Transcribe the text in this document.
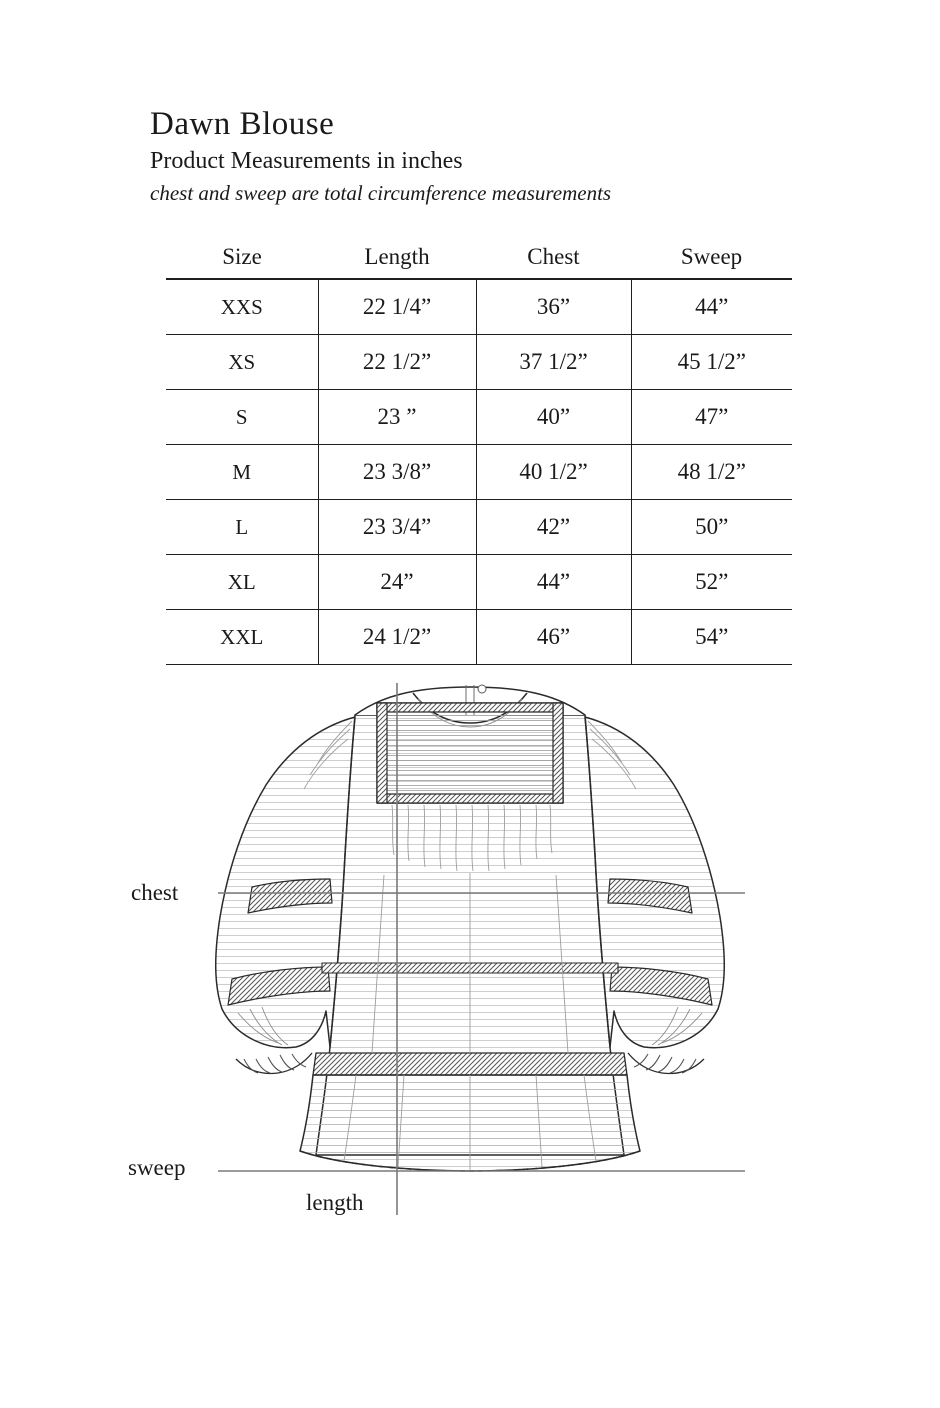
Dawn Blouse

Product Measurements in inches

chest and sweep are total circumference measurements

Size	Length	Chest	Sweep
XXS	22 1/4”	36”	44”
XS	22 1/2”	37 1/2”	45 1/2”
S	23 ”	40”	47”
M	23 3/8”	40 1/2”	48 1/2”
L	23 3/4”	42”	50”
XL	24”	44”	52”
XXL	24 1/2”	46”	54”
chest
sweep
length
